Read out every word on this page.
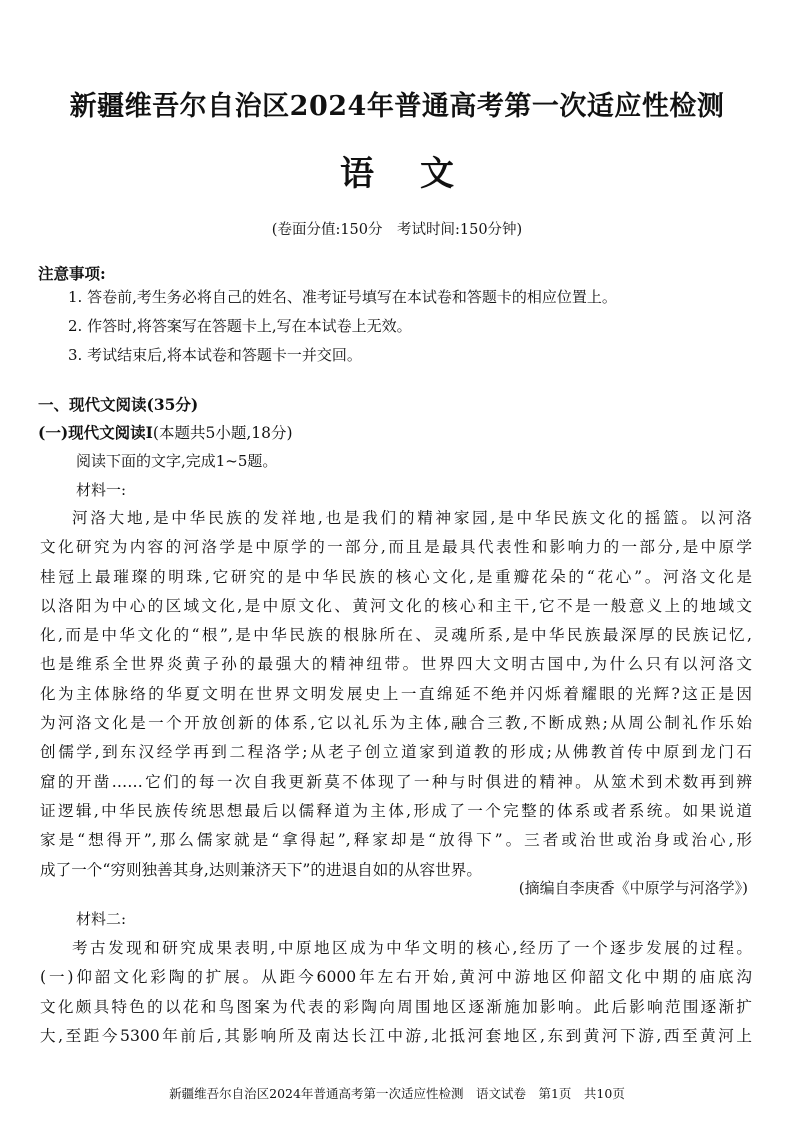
新疆维吾尔自治区2024年普通高考第一次适应性检测
语文

(卷面分值:150分　考试时间:150分钟)

注意事项:

1. 答卷前,考生务必将自己的姓名、准考证号填写在本试卷和答题卡的相应位置上。
2. 作答时,将答案写在答题卡上,写在本试卷上无效。
3. 考试结束后,将本试卷和答题卡一并交回。

一、现代文阅读(35分)

(一)现代文阅读Ⅰ(本题共5小题,18分)

阅读下面的文字,完成1~5题。

材料一:

河洛大地,是中华民族的发祥地,也是我们的精神家园,是中华民族文化的摇篮。以河洛
文化研究为内容的河洛学是中原学的一部分,而且是最具代表性和影响力的一部分,是中原学
桂冠上最璀璨的明珠,它研究的是中华民族的核心文化,是重瓣花朵的“花心”。河洛文化是
以洛阳为中心的区域文化,是中原文化、黄河文化的核心和主干,它不是一般意义上的地域文
化,而是中华文化的“根”,是中华民族的根脉所在、灵魂所系,是中华民族最深厚的民族记忆,
也是维系全世界炎黄子孙的最强大的精神纽带。世界四大文明古国中,为什么只有以河洛文
化为主体脉络的华夏文明在世界文明发展史上一直绵延不绝并闪烁着耀眼的光辉?这正是因
为河洛文化是一个开放创新的体系,它以礼乐为主体,融合三教,不断成熟;从周公制礼作乐始
创儒学,到东汉经学再到二程洛学;从老子创立道家到道教的形成;从佛教首传中原到龙门石
窟的开凿……它们的每一次自我更新莫不体现了一种与时俱进的精神。从筮术到术数再到辨
证逻辑,中华民族传统思想最后以儒释道为主体,形成了一个完整的体系或者系统。如果说道
家是“想得开”,那么儒家就是“拿得起”,释家却是“放得下”。三者或治世或治身或治心,形
成了一个“穷则独善其身,达则兼济天下”的进退自如的从容世界。

(摘编自李庚香《中原学与河洛学》)

材料二:

考古发现和研究成果表明,中原地区成为中华文明的核心,经历了一个逐步发展的过程。
(一)仰韶文化彩陶的扩展。从距今6000年左右开始,黄河中游地区仰韶文化中期的庙底沟
文化颇具特色的以花和鸟图案为代表的彩陶向周围地区逐渐施加影响。此后影响范围逐渐扩
大,至距今5300年前后,其影响所及南达长江中游,北抵河套地区,东到黄河下游,西至黄河上

新疆维吾尔自治区2024年普通高考第一次适应性检测　语文试卷　第1页　共10页
